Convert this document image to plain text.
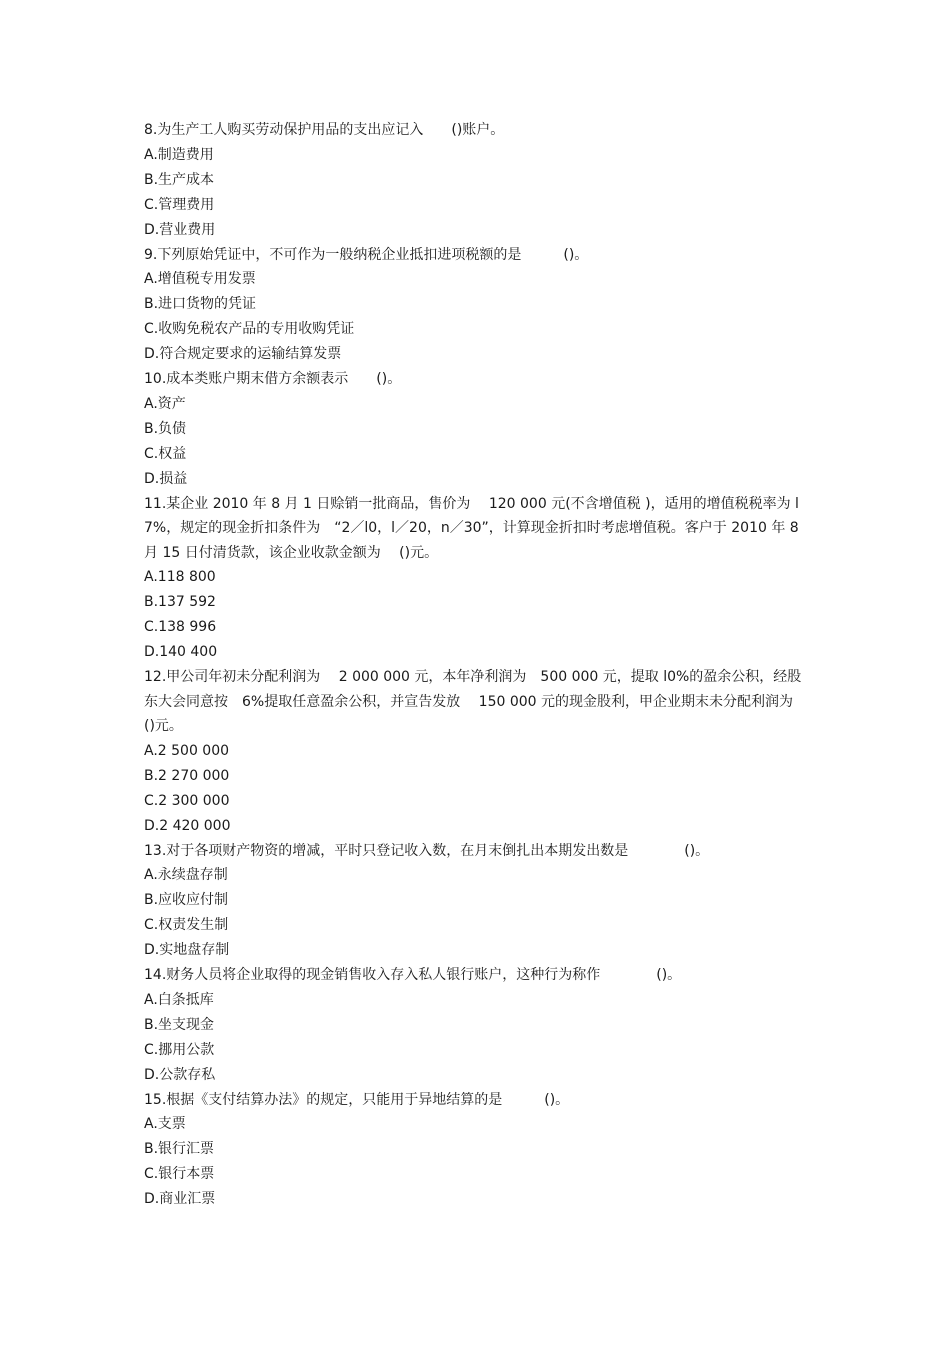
8.为生产工人购买劳动保护用品的支出应记入　　()账户。

A.制造费用

B.生产成本

C.管理费用

D.营业费用

9.下列原始凭证中，不可作为一般纳税企业抵扣进项税额的是　　　()。

A.增值税专用发票

B.进口货物的凭证

C.收购免税农产品的专用收购凭证

D.符合规定要求的运输结算发票

10.成本类账户期末借方余额表示　　()。

A.资产

B.负债

C.权益

D.损益

11.某企业 2010 年 8 月 1 日赊销一批商品，售价为　 120 000 元(不含增值税 )，适用的增值税税率为 l7%，规定的现金折扣条件为　“2／l0，l／20，n／30”，计算现金折扣时考虑增值税。客户于 2010 年 8 月 15 日付清货款，该企业收款金额为　 ()元。

A.118 800

B.137 592

C.138 996

D.140 400

12.甲公司年初未分配利润为　 2 000 000 元，本年净利润为　500 000 元，提取 l0%的盈余公积，经股东大会同意按　6%提取任意盈余公积，并宣告发放　 150 000 元的现金股利，甲企业期末未分配利润为 ()元。

A.2 500 000

B.2 270 000

C.2 300 000

D.2 420 000

13.对于各项财产物资的增减，平时只登记收入数，在月末倒扎出本期发出数是　　　　()。

A.永续盘存制

B.应收应付制

C.权责发生制

D.实地盘存制

14.财务人员将企业取得的现金销售收入存入私人银行账户，这种行为称作　　　　()。

A.白条抵库

B.坐支现金

C.挪用公款

D.公款存私

15.根据《支付结算办法》的规定，只能用于异地结算的是　　　()。

A.支票

B.银行汇票

C.银行本票

D.商业汇票
